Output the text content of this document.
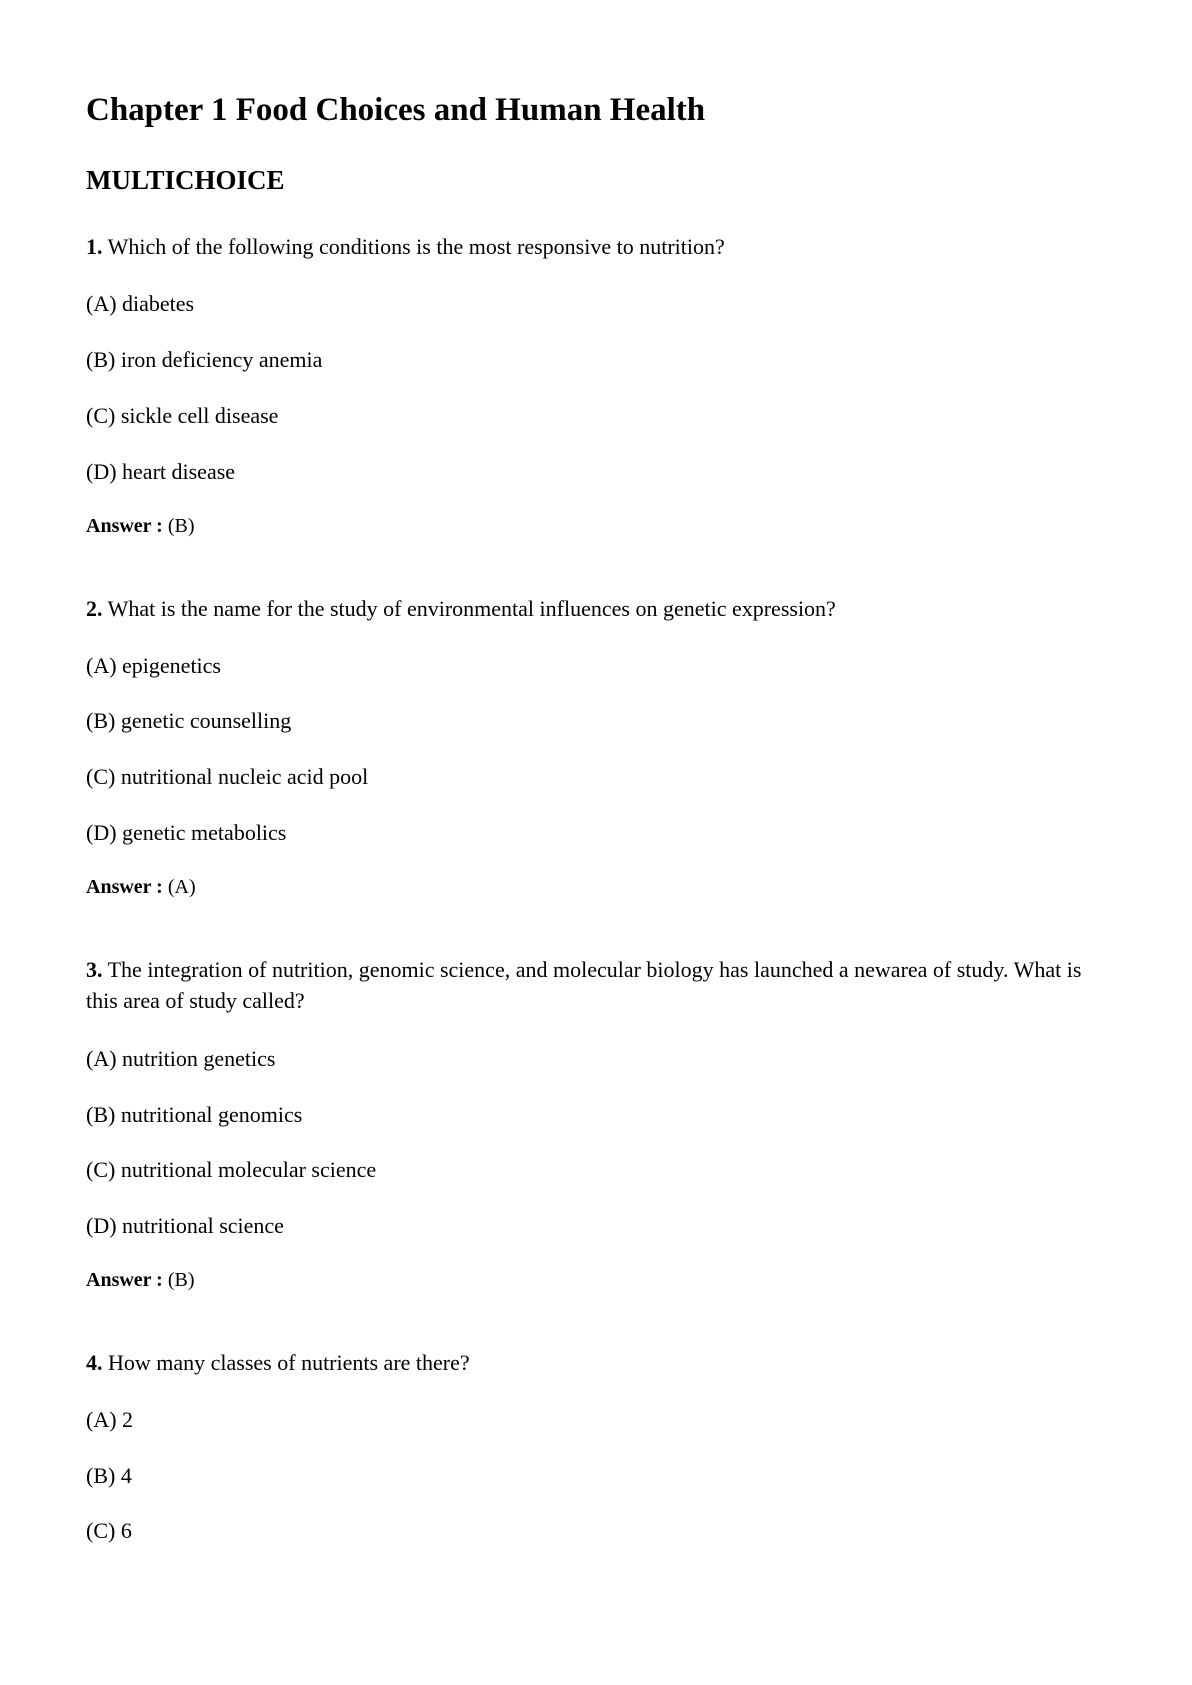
Chapter 1 Food Choices and Human Health
MULTICHOICE

1. Which of the following conditions is the most responsive to nutrition?

(A) diabetes

(B) iron deficiency anemia

(C) sickle cell disease

(D) heart disease

Answer : (B)

2. What is the name for the study of environmental influences on genetic expression?

(A) epigenetics

(B) genetic counselling

(C) nutritional nucleic acid pool

(D) genetic metabolics

Answer : (A)

3. The integration of nutrition, genomic science, and molecular biology has launched a newarea of study. What is this area of study called?

(A) nutrition genetics

(B) nutritional genomics

(C) nutritional molecular science

(D) nutritional science

Answer : (B)

4. How many classes of nutrients are there?

(A) 2

(B) 4

(C) 6
